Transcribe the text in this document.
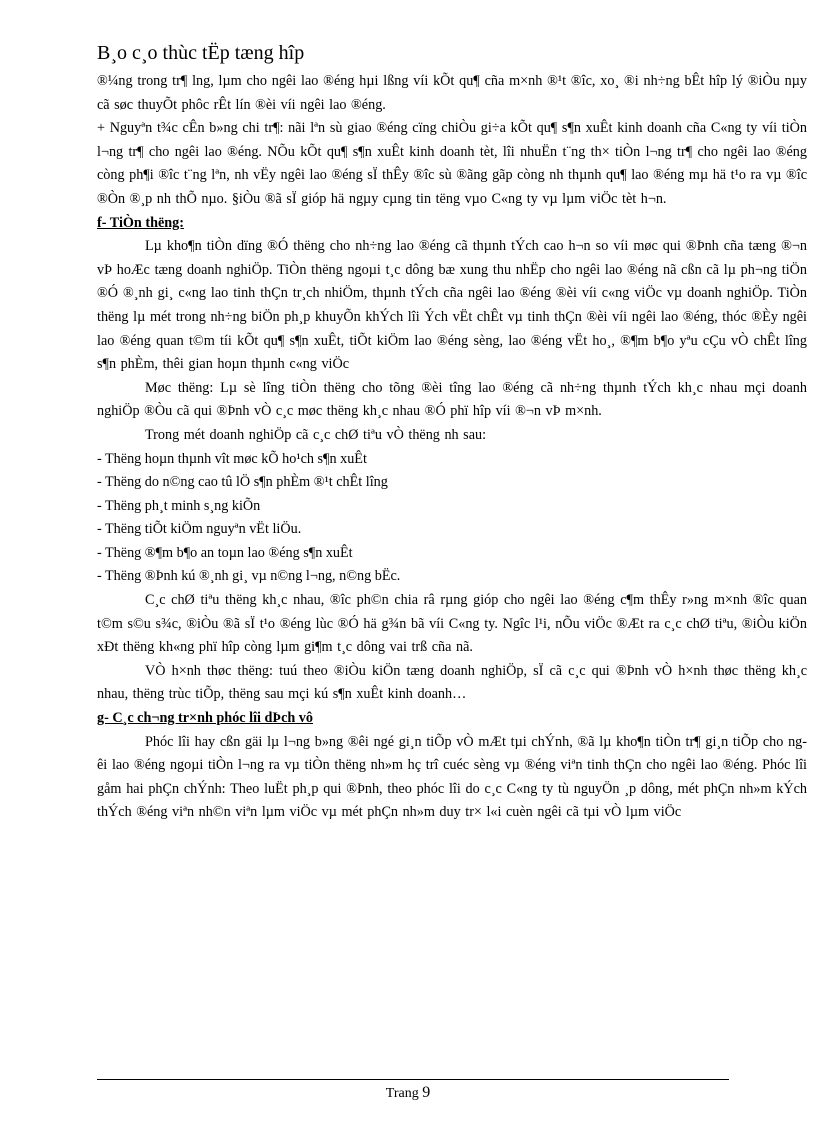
B¸o c¸o thùc tËp tæng hîp

®¼ng trong tr¶ lng, lµm cho ngêi lao ®éng hµi lßng víi kÕt qu¶ cña m×nh ®¹t ®îc, xo¸ ®i nh÷ng bÊt hîp lý ®iÒu nµy cã søc thuyÕt phôc rÊt lín ®èi víi ngêi lao ®éng.

+ Nguyªn t¾c cÊn b»ng chi tr¶: nãi lªn sù giao ®éng cïng chiÒu gi÷a kÕt qu¶ s¶n xuÊt kinh doanh cña C«ng ty víi tiÒn l¬ng tr¶ cho ngêi lao ®éng. NÕu kÕt qu¶ s¶n xuÊt kinh doanh tèt, lîi nhuËn t¨ng th× tiÒn l¬ng tr¶ cho ngêi lao ®éng còng ph¶i ®îc t¨ng lªn, nh vËy ngêi lao ®éng sÏ thÊy ®îc sù ®ãng gãp còng nh thµnh qu¶ lao ®éng mµ hä t¹o ra vµ ®îc ®Òn ®¸p nh thÕ nµo. §iÒu ®ã sÏ gióp hä ngµy cµng tin tëng vµo C«ng ty vµ lµm viÖc tèt h¬n.

f- TiÒn thëng:

Lµ kho¶n tiÒn dïng ®Ó thëng cho nh÷ng lao ®éng cã thµnh tÝch cao h¬n so víi møc qui ®Þnh cña tæng ®¬n vÞ hoÆc tæng doanh nghiÖp. TiÒn thëng ngoµi t¸c dông bæ xung thu nhËp cho ngêi lao ®éng nã cßn cã lµ ph¬ng tiÖn ®Ó ®¸nh gi¸ c«ng lao tinh thÇn tr¸ch nhiÖm, thµnh tÝch cña ngêi lao ®éng ®èi víi c«ng viÖc vµ doanh nghiÖp. TiÒn thëng lµ mét trong nh÷ng biÖn ph¸p khuyÕn khÝch lîi Ých vËt chÊt vµ tinh thÇn ®èi víi ngêi lao ®éng, thóc ®Èy ngêi lao ®éng quan t©m tíi kÕt qu¶ s¶n xuÊt, tiÕt kiÖm lao ®éng sèng, lao ®éng vËt ho¸, ®¶m b¶o yªu cÇu vÒ chÊt lîng s¶n phÈm, thêi gian hoµn thµnh c«ng viÖc

Møc thëng: Lµ sè lîng tiÒn thëng cho tõng ®èi tîng lao ®éng cã nh÷ng thµnh tÝch kh¸c nhau mçi doanh nghiÖp ®Òu cã qui ®Þnh vÒ c¸c møc thëng kh¸c nhau ®Ó phï hîp víi ®¬n vÞ m×nh.

Trong mét doanh nghiÖp cã c¸c chØ tiªu vÒ thëng nh sau:

- Thëng hoµn thµnh vît møc kÕ ho¹ch s¶n xuÊt

- Thëng do n©ng cao tû lÖ s¶n phÈm ®¹t chÊt lîng

- Thëng ph¸t minh s¸ng kiÕn

- Thëng tiÕt kiÖm nguyªn vËt liÖu.

- Thëng ®¶m b¶o an toµn lao ®éng s¶n xuÊt

- Thëng ®Þnh kú ®¸nh gi¸ vµ n©ng l¬ng, n©ng bËc.

C¸c chØ tiªu thëng kh¸c nhau, ®îc ph©n chia râ rµng gióp cho ngêi lao ®éng c¶m thÊy r»ng m×nh ®îc quan t©m s©u s¾c, ®iÒu ®ã sÏ t¹o ®éng lùc ®Ó hä g¾n bã víi C«ng ty. Ngîc l¹i, nÕu viÖc ®Æt ra c¸c chØ tiªu, ®iÒu kiÖn xÐt thëng kh«ng phï hîp còng lµm gi¶m t¸c dông vai trß cña nã.

VÒ h×nh thøc thëng: tuú theo ®iÒu kiÖn tæng doanh nghiÖp, sÏ cã c¸c qui ®Þnh vÒ h×nh thøc thëng kh¸c nhau, thëng trùc tiÕp, thëng sau mçi kú s¶n xuÊt kinh doanh…

g- C¸c ch¬ng tr×nh phóc lîi dÞch vô

Phóc lîi hay cßn gäi lµ l¬ng b»ng ®êi ngé gi¸n tiÕp vÒ mÆt tµi chÝnh, ®ã lµ kho¶n tiÒn tr¶ gi¸n tiÕp cho ngêi lao ®éng ngoµi tiÒn l¬ng ra vµ tiÒn thëng nh»m hç trî cuéc sèng vµ ®éng viªn tinh thÇn cho ngêi lao ®éng. Phóc lîi gåm hai phÇn chÝnh: Theo luËt ph¸p qui ®Þnh, theo phóc lîi do c¸c C«ng ty tù nguyÖn ¸p dông, mét phÇn nh»m kÝch thÝch ®éng viªn nh©n viªn lµm viÖc vµ mét phÇn nh»m duy tr× l«i cuèn ngêi cã tµi vÒ lµm viÖc

Trang 9
